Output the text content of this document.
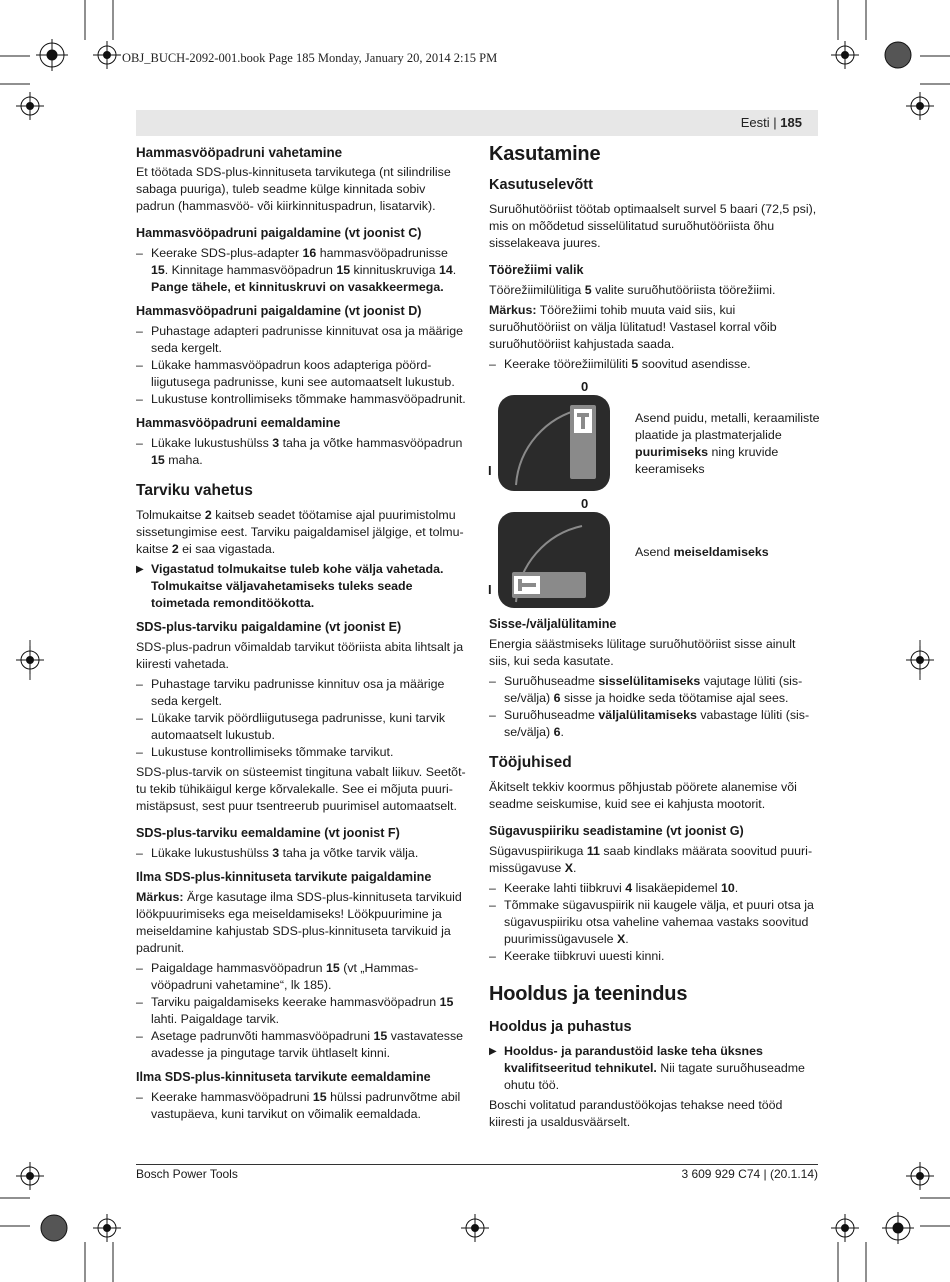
OBJ_BUCH-2092-001.book Page 185 Monday, January 20, 2014 2:15 PM
Eesti | 185
Hammasvööpadruni vahetamine

Et töötada SDS-plus-kinnituseta tarvikutega (nt silindrilise sabaga puuriga), tuleb seadme külge kinnitada sobiv padrun (hammasvöö- või kiirkinnituspadrun, lisatarvik).

Hammasvööpadruni paigaldamine (vt joonist C)
– Keerake SDS-plus-adapter 16 hammasvööpadrunisse 15. Kinnitage hammasvööpadrun 15 kinnituskruviga 14. Pange tähele, et kinnituskruvi on vasakkeermega.
Hammasvööpadruni paigaldamine (vt joonist D)
– Puhastage adapteri padrunisse kinnituvat osa ja määrige seda kergelt.
– Lükake hammasvööpadrun koos adapteriga pöördliigutusega padrunisse, kuni see automaatselt lukustub.
– Lukustuse kontrollimiseks tõmmake hammasvööpadrunit.
Hammasvööpadruni eemaldamine
– Lükake lukustushülss 3 taha ja võtke hammasvööpadrun 15 maha.
Tarviku vahetus

Tolmukaitse 2 kaitseb seadet töötamise ajal puurimistolmu sissetungimise eest. Tarviku paigaldamisel jälgige, et tolmukaitse 2 ei saa vigastada.

▶ Vigastatud tolmukaitse tuleb kohe välja vahetada. Tolmukaitse väljavahetamiseks tuleks seade toimetada remonditöökotta.
SDS-plus-tarviku paigaldamine (vt joonist E)

SDS-plus-padrun võimaldab tarvikut tööriista abita lihtsalt ja kiiresti vahetada.

– Puhastage tarviku padrunisse kinnituv osa ja määrige seda kergelt.
– Lükake tarvik pöördliigutusega padrunisse, kuni tarvik automaatselt lukustub.
– Lukustuse kontrollimiseks tõmmake tarvikut.

SDS-plus-tarvik on süsteemist tingituna vabalt liikuv. Seetõttu tekib tühikäigul kerge kõrvalekalle. See ei mõjuta puurimistäpsust, sest puur tsentreerub puurimisel automaatselt.

SDS-plus-tarviku eemaldamine (vt joonist F)
– Lükake lukustushülss 3 taha ja võtke tarvik välja.
Ilma SDS-plus-kinnituseta tarvikute paigaldamine

Märkus: Ärge kasutage ilma SDS-plus-kinnituseta tarvikuid löökpuurimiseks ega meiseldamiseks! Löökpuurimine ja meiseldamine kahjustab SDS-plus-kinnituseta tarvikuid ja padrunit.

– Paigaldage hammasvööpadrun 15 (vt „Hammasvööpadruni vahetamine“, lk 185).
– Tarviku paigaldamiseks keerake hammasvööpadrun 15 lahti. Paigaldage tarvik.
– Asetage padrunvõti hammasvööpadruni 15 vastavatesse avadesse ja pingutage tarvik ühtlaselt kinni.
Ilma SDS-plus-kinnituseta tarvikute eemaldamine
– Keerake hammasvööpadruni 15 hülssi padrunvõtme abil vastupäeva, kuni tarvikut on võimalik eemaldada.
Kasutamine
Kasutuselevõtt

Suruõhutööriist töötab optimaalselt survel 5 baari (72,5 psi), mis on mõõdetud sisselülitatud suruõhutööriista õhu sisselakeava juures.

Töörežiimi valik

Töörežiimilülitiga 5 valite suruõhutööriista töörežiimi.

Märkus: Töörežiimi tohib muuta vaid siis, kui suruõhutööriist on välja lülitatud! Vastasel korral võib suruõhutööriist kahjustada saada.

– Keerake töörežiimilüliti 5 soovitud asendisse.
0
I
Asend puidu, metalli, keraamiliste plaatide ja plastmaterjalide puurimiseks ning kruvide keeramiseks
0
I
Asend meiseldamiseks
Sisse-/väljalülitamine

Energia säästmiseks lülitage suruõhutööriist sisse ainult siis, kui seda kasutate.

– Suruõhuseadme sisselülitamiseks vajutage lüliti (sisse/välja) 6 sisse ja hoidke seda töötamise ajal sees.
– Suruõhuseadme väljalülitamiseks vabastage lüliti (sisse/välja) 6.
Tööjuhised

Äkitselt tekkiv koormus põhjustab pöörete alanemise või seadme seiskumise, kuid see ei kahjusta mootorit.

Sügavuspiiriku seadistamine (vt joonist G)

Sügavuspiirikuga 11 saab kindlaks määrata soovitud puurimissügavuse X.

– Keerake lahti tiibkruvi 4 lisakäepidemel 10.
– Tõmmake sügavuspiirik nii kaugele välja, et puuri otsa ja sügavuspiiriku otsa vaheline vahemaa vastaks soovitud puurimissügavusele X.
– Keerake tiibkruvi uuesti kinni.
Hooldus ja teenindus
Hooldus ja puhastus
▶ Hooldus- ja parandustöid laske teha üksnes kvalifitseeritud tehnikutel. Nii tagate suruõhuseadme ohutu töö.

Boschi volitatud parandustöökojas tehakse need tööd kiiresti ja usaldusväärselt.

Bosch Power Tools	3 609 929 C74 | (20.1.14)
